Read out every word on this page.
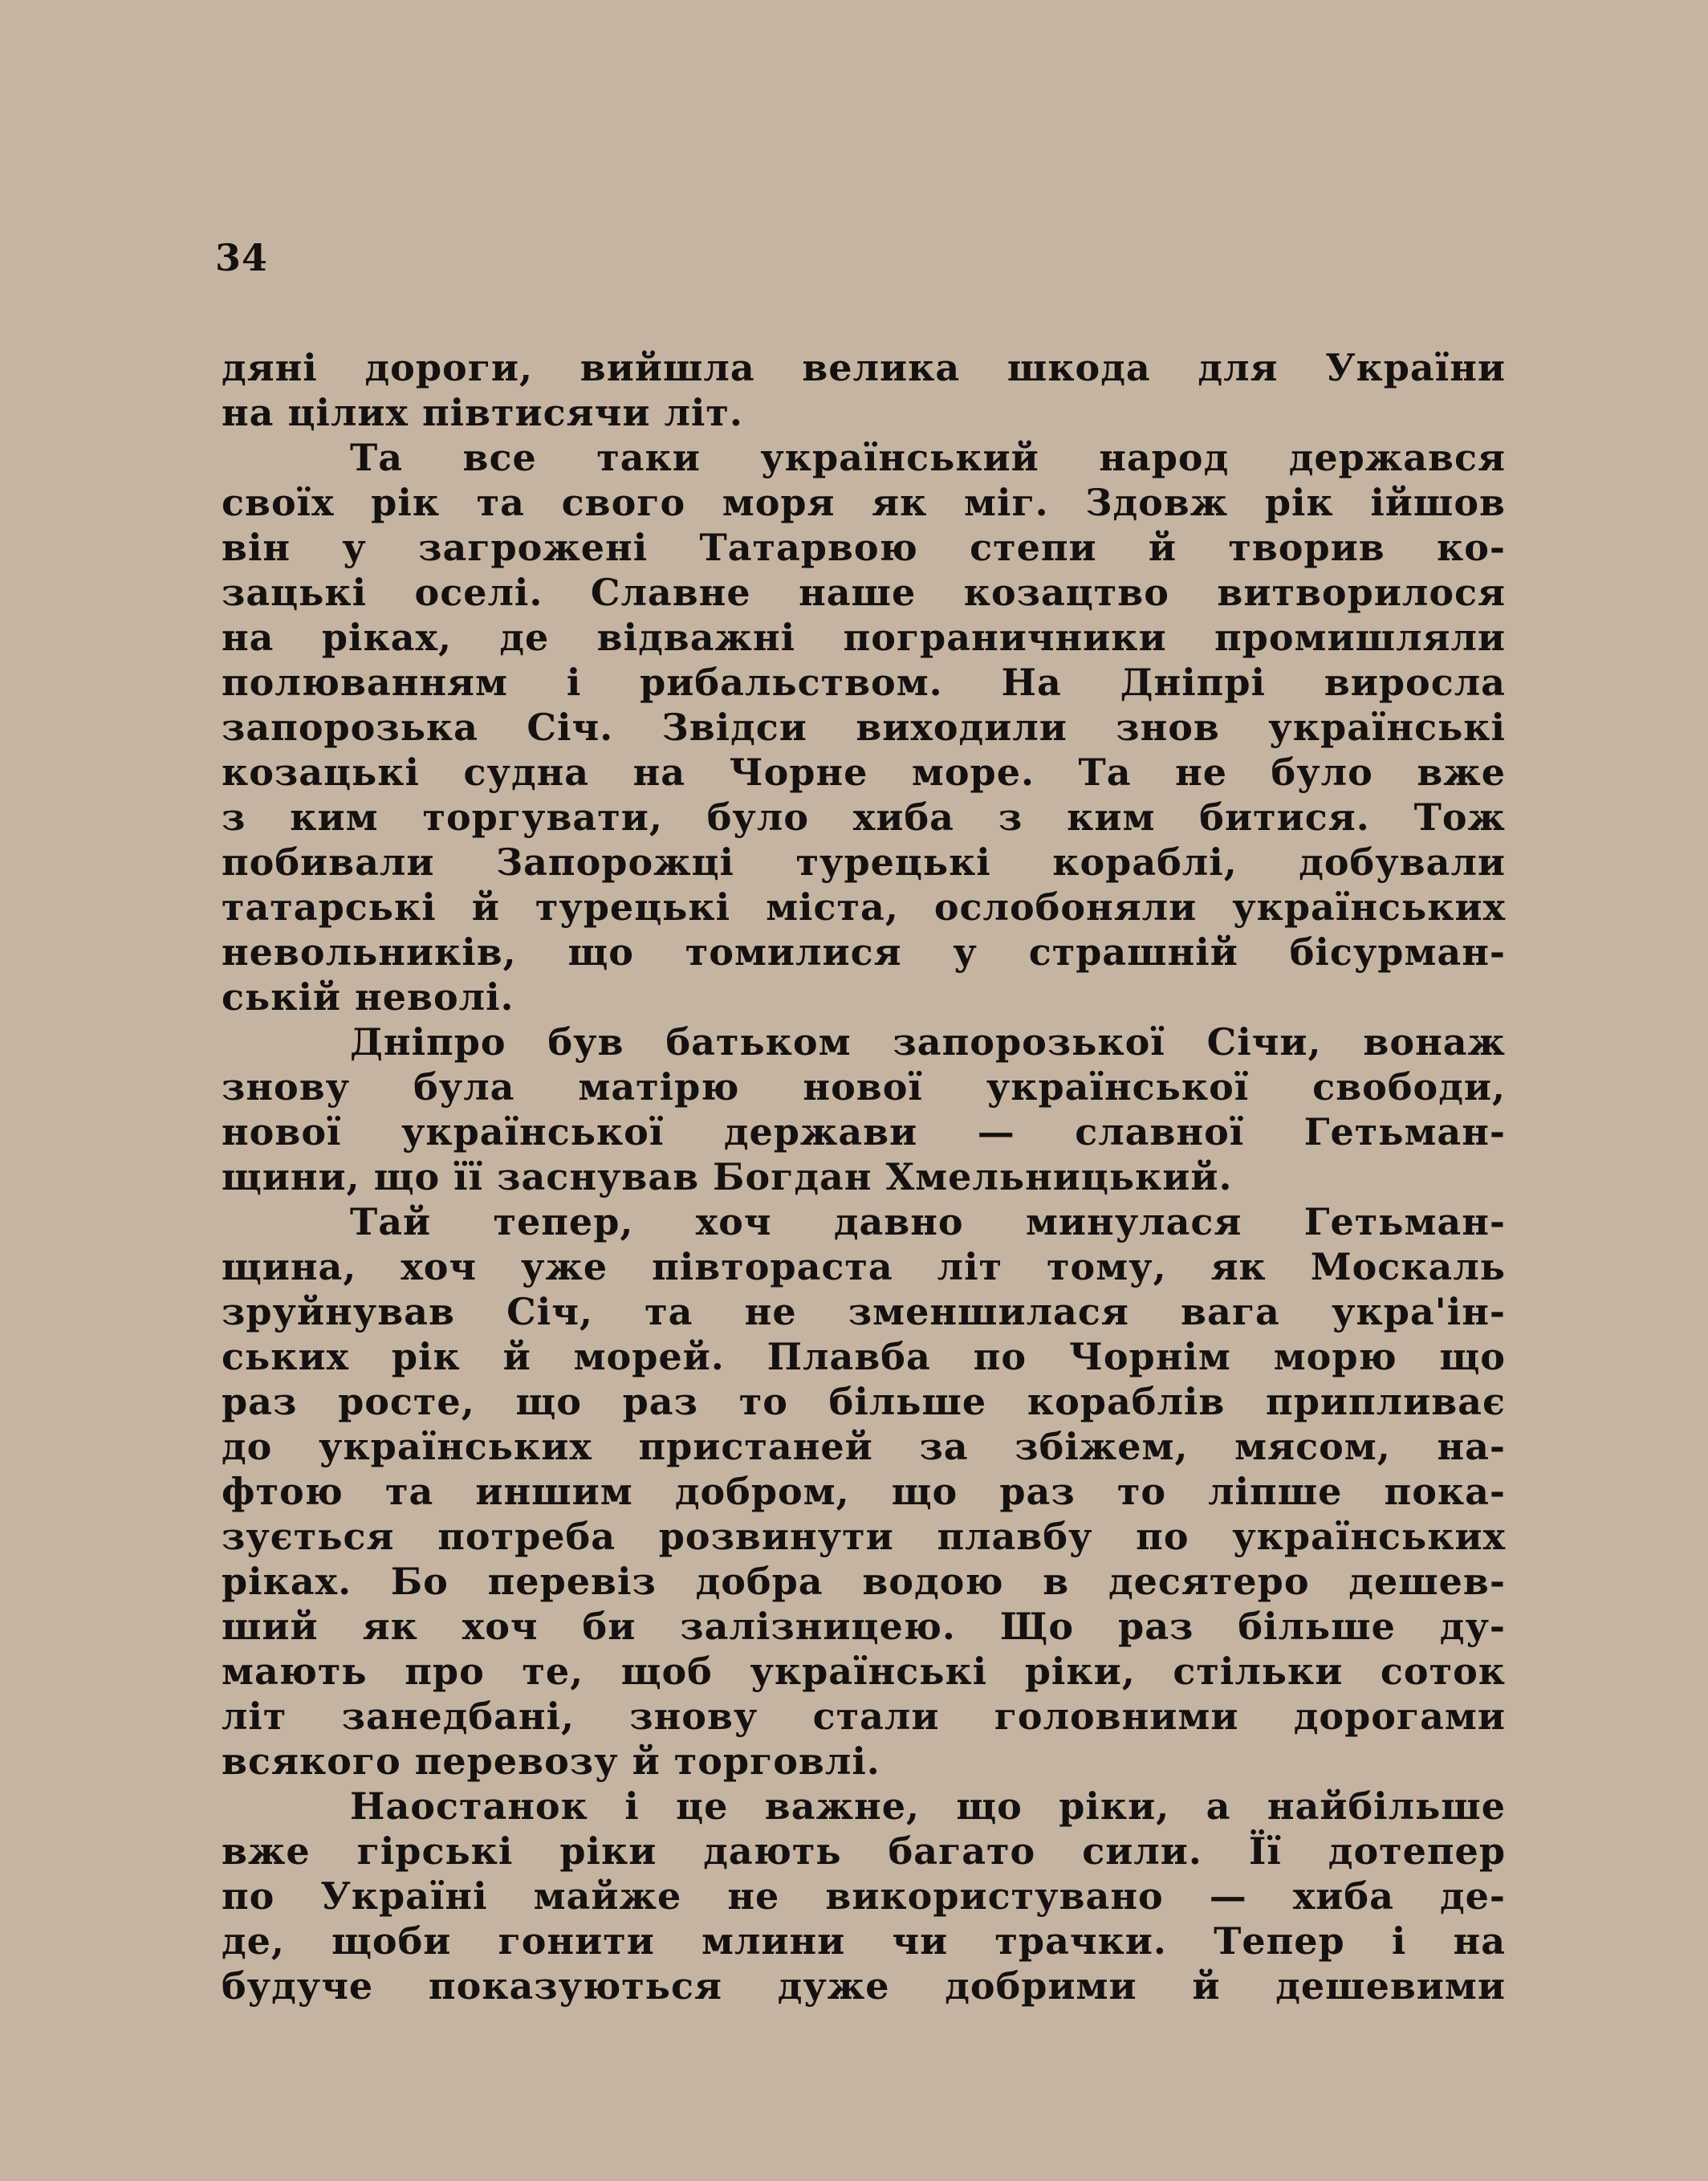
34
дяні дороги, вийшла велика шкода для України
на цілих півтисячи літ.
Та все таки український народ держався
своїх рік та свого моря як міг. Здовж рік ійшов
він у загрожені Татарвою степи й творив ко-
зацькі оселі. Славне наше козацтво витворилося
на ріках, де відважні пограничники промишляли
полюванням і рибальством. На Дніпрі виросла
запорозька Січ. Звідси виходили знов українські
козацькі судна на Чорне море. Та не було вже
з ким торгувати, було хиба з ким битися. Тож
побивали Запорожці турецькі кораблі, добували
татарські й турецькі міста, ослобоняли українських
невольників, що томилися у страшній бісурман-
ській неволі.
Дніпро був батьком запорозької Січи, вонаж
знову була матірю нової української свободи,
нової української держави — славної Гетьман-
щини, що її заснував Богдан Хмельницький.
Тай тепер, хоч давно минулася Гетьман-
щина, хоч уже півтораста літ тому, як Москаль
зруйнував Січ, та не зменшилася вага укра'ін-
ських рік й морей. Плавба по Чорнім морю що
раз росте, що раз то більше кораблів припливає
до українських пристаней за збіжем, мясом, на-
фтою та иншим добром, що раз то ліпше пока-
зується потреба розвинути плавбу по українських
ріках. Бо перевіз добра водою в десятеро дешев-
ший як хоч би залізницею. Що раз більше ду-
мають про те, щоб українські ріки, стільки соток
літ занедбані, знову стали головними дорогами
всякого перевозу й торговлі.
Наостанок і це важне, що ріки, а найбільше
вже гірські ріки дають багато сили. Її дотепер
по Україні майже не використувано — хиба де-
де, щоби гонити млини чи трачки. Тепер і на
будуче показуються дуже добрими й дешевими
